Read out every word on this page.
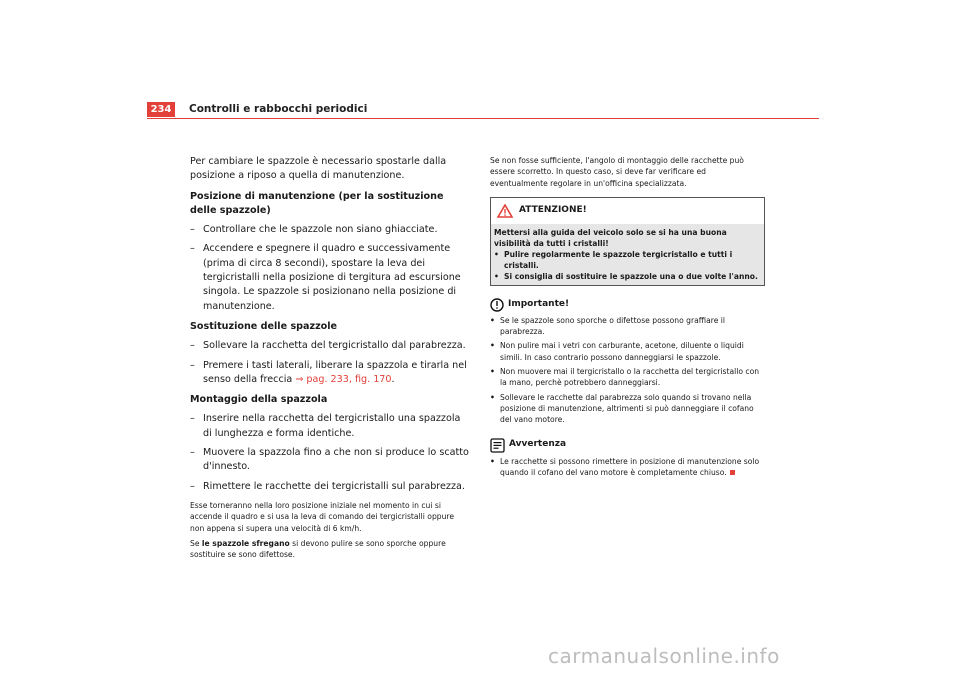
234	Controlli e rabbocchi periodici

Per cambiare le spazzole è necessario spostarle dalla posizione a riposo a quella di manutenzione.

Posizione di manutenzione (per la sostituzione delle spazzole)

– Controllare che le spazzole non siano ghiacciate.
– Accendere e spegnere il quadro e successivamente (prima di circa 8 secondi), spostare la leva dei tergicristalli nella posizione di tergitura ad escursione singola. Le spazzole si posizionano nella posizione di manutenzione.

Sostituzione delle spazzole

– Sollevare la racchetta del tergicristallo dal parabrezza.
– Premere i tasti laterali, liberare la spazzola e tirarla nel senso della freccia ⇒ pag. 233, fig. 170.

Montaggio della spazzola

– Inserire nella racchetta del tergicristallo una spazzola di lunghezza e forma identiche.
– Muovere la spazzola fino a che non si produce lo scatto d'innesto.
– Rimettere le racchette dei tergicristalli sul parabrezza.

Esse torneranno nella loro posizione iniziale nel momento in cui si accende il quadro e si usa la leva di comando dei tergicristalli oppure non appena si supera una velocità di 6 km/h.

Se le spazzole sfregano si devono pulire se sono sporche oppure sostituire se sono difettose.

Se non fosse sufficiente, l'angolo di montaggio delle racchette può essere scorretto. In questo caso, si deve far verificare ed eventualmente regolare in un'officina specializzata.

ATTENZIONE!

Mettersi alla guida del veicolo solo se si ha una buona visibilità da tutti i cristalli!

• Pulire regolarmente le spazzole tergicristallo e tutti i cristalli.
• Si consiglia di sostituire le spazzole una o due volte l'anno.
Importante!
• Se le spazzole sono sporche o difettose possono graffiare il parabrezza.
• Non pulire mai i vetri con carburante, acetone, diluente o liquidi simili. In caso contrario possono danneggiarsi le spazzole.
• Non muovere mai il tergicristallo o la racchetta del tergicristallo con la mano, perchè potrebbero danneggiarsi.
• Sollevare le racchette dal parabrezza solo quando si trovano nella posizione di manutenzione, altrimenti si può danneggiare il cofano del vano motore.
Avvertenza
• Le racchette si possono rimettere in posizione di manutenzione solo quando il cofano del vano motore è completamente chiuso.
carmanualsonline.info
